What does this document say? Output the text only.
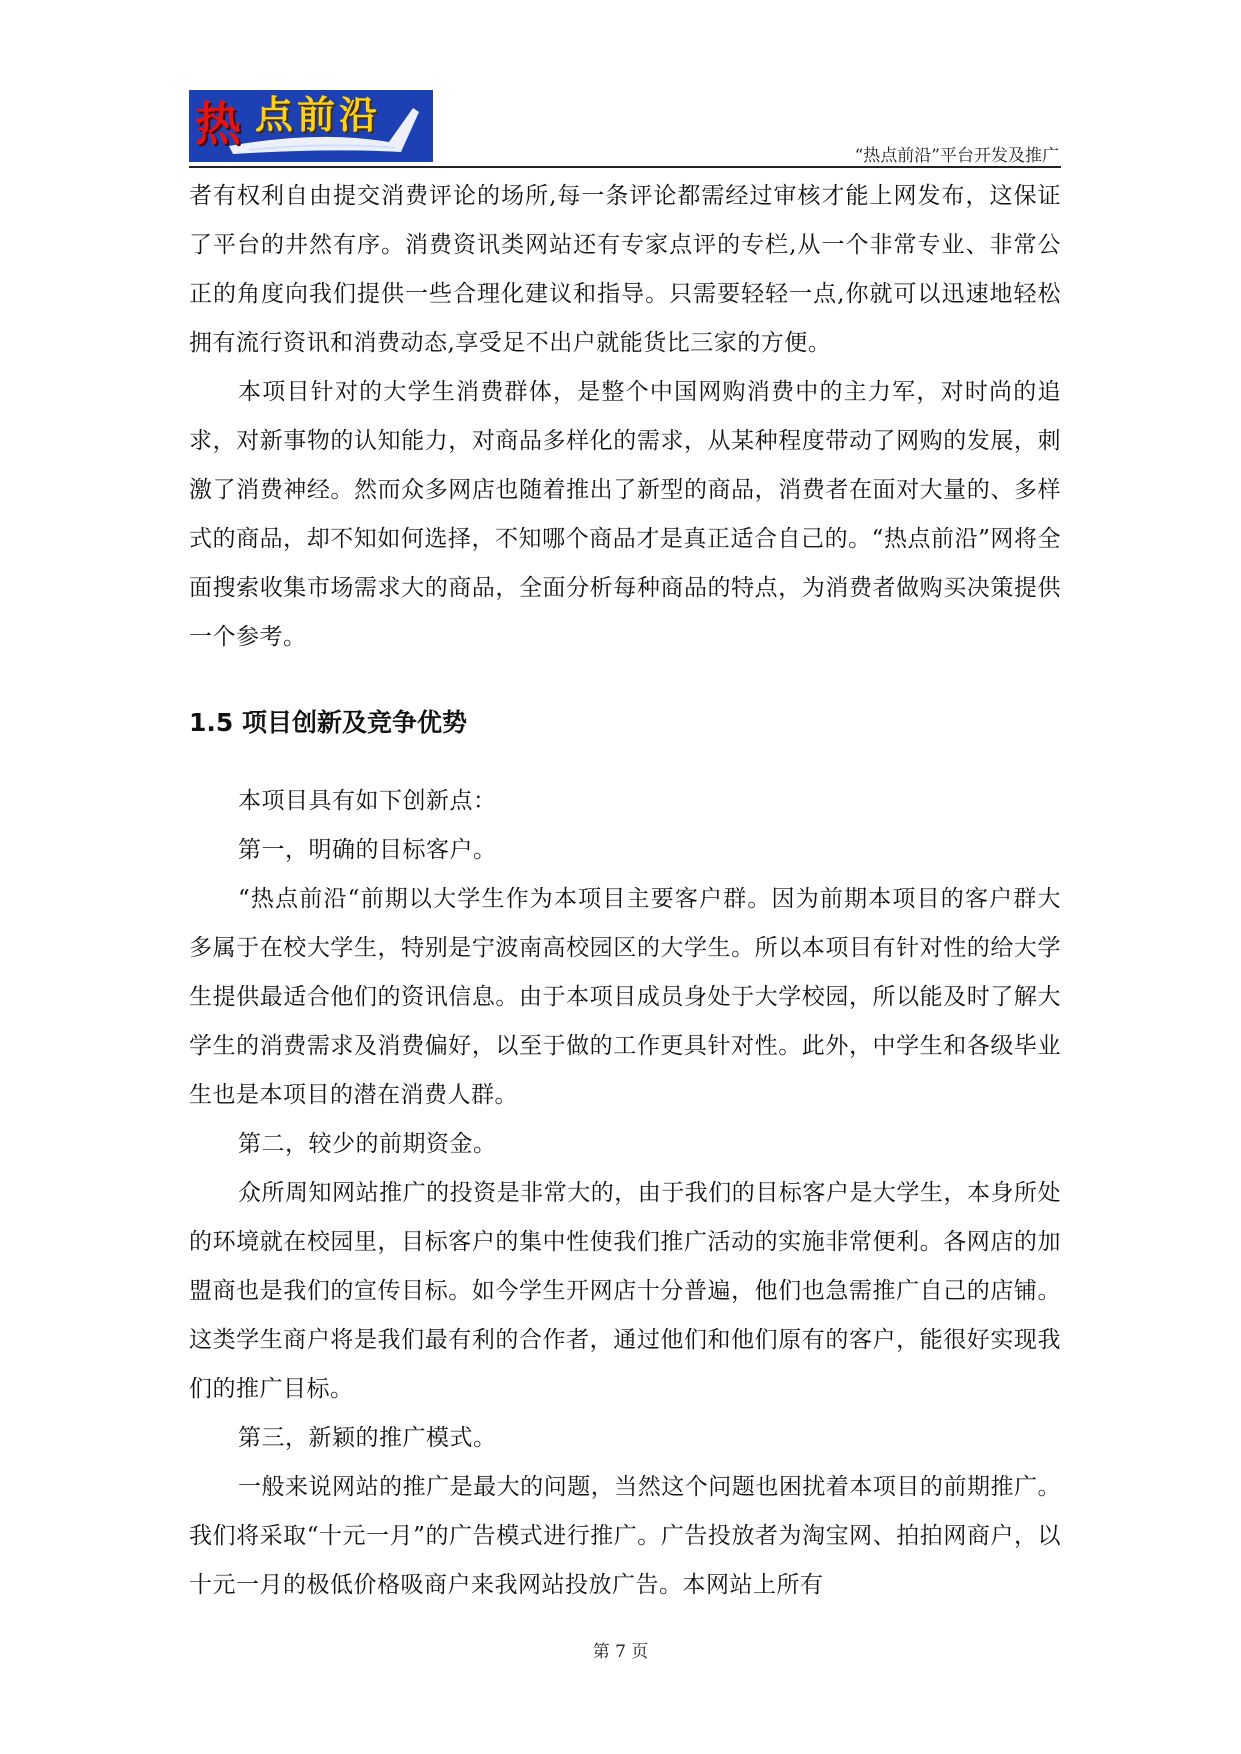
热 点前沿
“热点前沿”平台开发及推广

者有权利自由提交消费评论的场所,每一条评论都需经过审核才能上网发布，这保证了平台的井然有序。消费资讯类网站还有专家点评的专栏,从一个非常专业、非常公正的角度向我们提供一些合理化建议和指导。只需要轻轻一点,你就可以迅速地轻松拥有流行资讯和消费动态,享受足不出户就能货比三家的方便。

本项目针对的大学生消费群体，是整个中国网购消费中的主力军，对时尚的追求，对新事物的认知能力，对商品多样化的需求，从某种程度带动了网购的发展，刺激了消费神经。然而众多网店也随着推出了新型的商品，消费者在面对大量的、多样式的商品，却不知如何选择，不知哪个商品才是真正适合自己的。“热点前沿”网将全面搜索收集市场需求大的商品，全面分析每种商品的特点，为消费者做购买决策提供一个参考。

1.5 项目创新及竞争优势

本项目具有如下创新点：

第一，明确的目标客户。

“热点前沿“前期以大学生作为本项目主要客户群。因为前期本项目的客户群大多属于在校大学生，特别是宁波南高校园区的大学生。所以本项目有针对性的给大学生提供最适合他们的资讯信息。由于本项目成员身处于大学校园，所以能及时了解大学生的消费需求及消费偏好，以至于做的工作更具针对性。此外，中学生和各级毕业生也是本项目的潜在消费人群。

第二，较少的前期资金。

众所周知网站推广的投资是非常大的，由于我们的目标客户是大学生，本身所处的环境就在校园里，目标客户的集中性使我们推广活动的实施非常便利。各网店的加盟商也是我们的宣传目标。如今学生开网店十分普遍，他们也急需推广自己的店铺。这类学生商户将是我们最有利的合作者，通过他们和他们原有的客户，能很好实现我们的推广目标。

第三，新颖的推广模式。

一般来说网站的推广是最大的问题，当然这个问题也困扰着本项目的前期推广。我们将采取“十元一月”的广告模式进行推广。广告投放者为淘宝网、拍拍网商户，以十元一月的极低价格吸商户来我网站投放广告。本网站上所有

第 7 页
